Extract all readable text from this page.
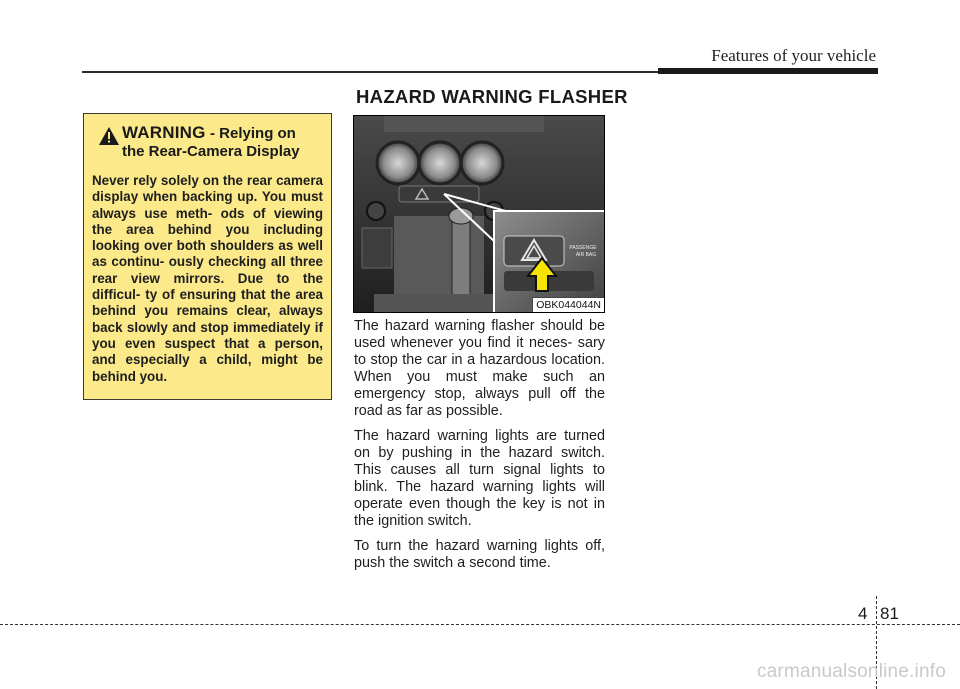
Features of your vehicle
WARNING - Relying on
the Rear-Camera Display
Never rely solely on the rear camera display when backing up. You must always use meth- ods of viewing the area behind you including looking over both shoulders as well as continu- ously checking all three rear view mirrors. Due to the difficul- ty of ensuring that the area behind you remains clear, always back slowly and stop immediately if you even suspect that a person, and especially a child, might be behind you.
HAZARD WARNING FLASHER
PASSENGE
AIR BAG
OBK044044N

The hazard warning flasher should be used whenever you find it neces- sary to stop the car in a hazardous location. When you must make such an emergency stop, always pull off the road as far as possible.

The hazard warning lights are turned on by pushing in the hazard switch. This causes all turn signal lights to blink. The hazard warning lights will operate even though the key is not in the ignition switch.

To turn the hazard warning lights off, push the switch a second time.

4 81
carmanualsonline.info
